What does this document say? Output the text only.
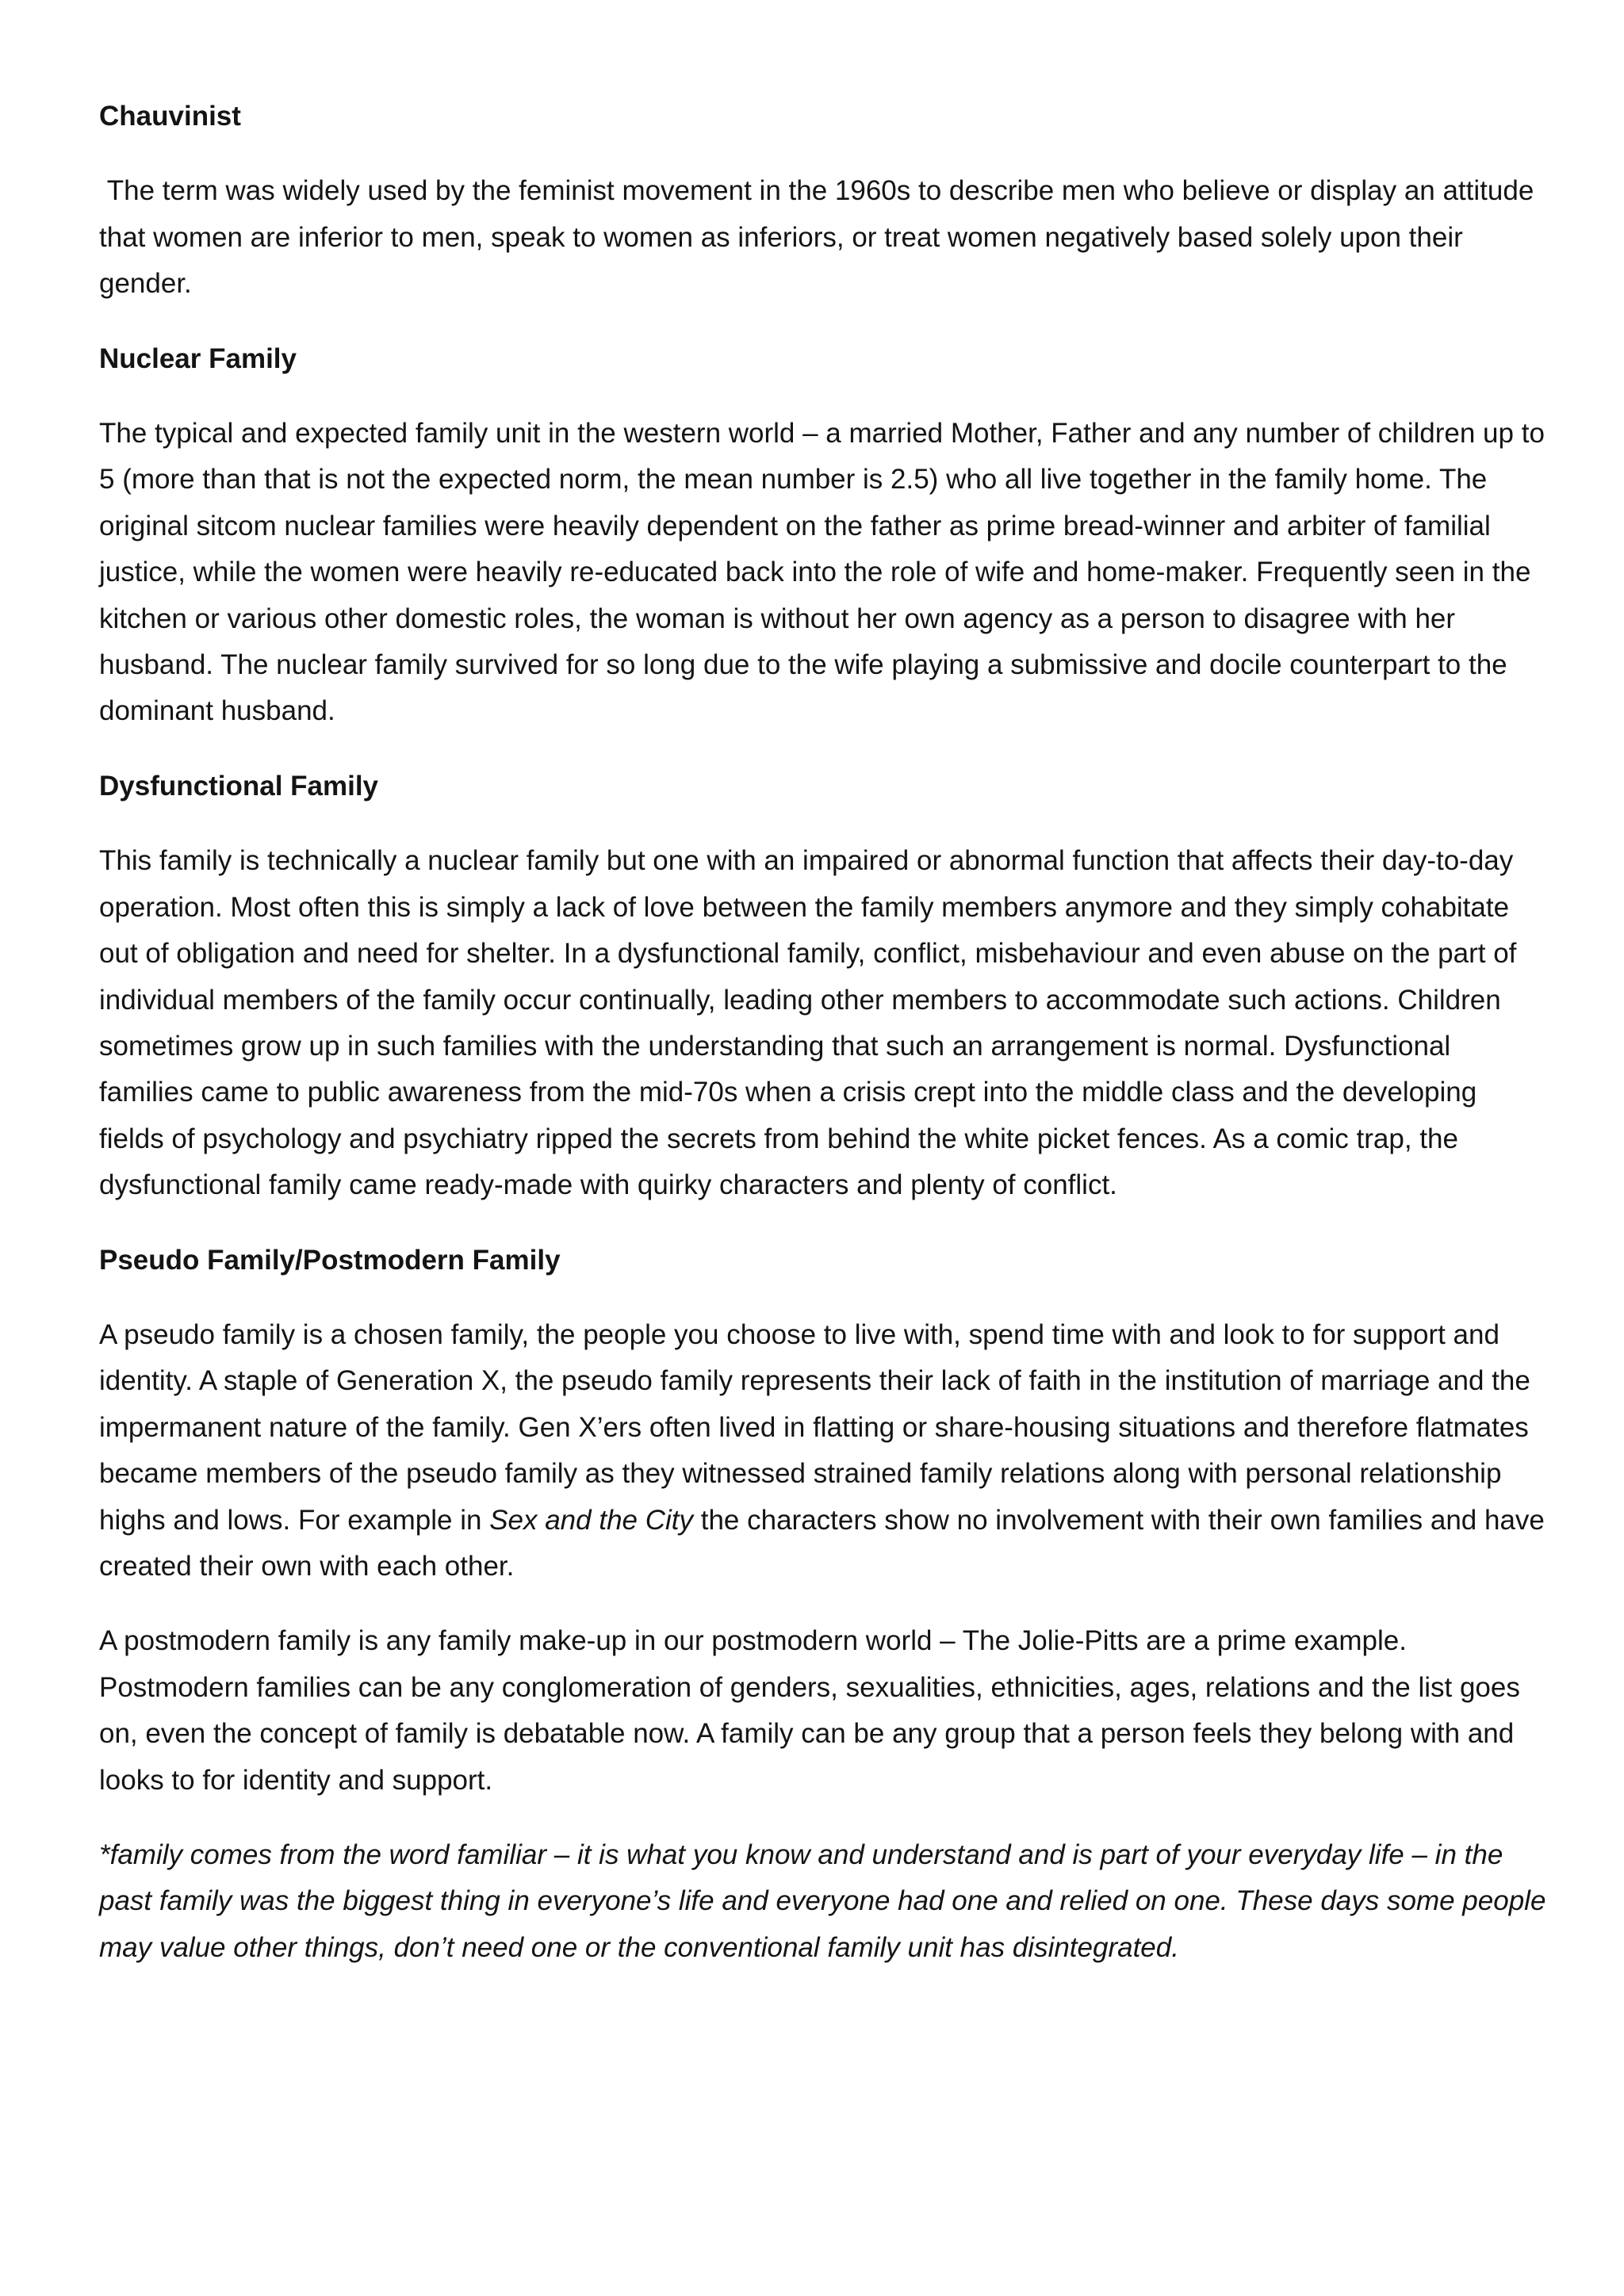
Chauvinist
The term was widely used by the feminist movement in the 1960s to describe men who believe or display an attitude that women are inferior to men, speak to women as inferiors, or treat women negatively based solely upon their gender.
Nuclear Family
The typical and expected family unit in the western world – a married Mother, Father and any number of children up to 5 (more than that is not the expected norm, the mean number is 2.5) who all live together in the family home. The original sitcom nuclear families were heavily dependent on the father as prime bread-winner and arbiter of familial justice, while the women were heavily re-educated back into the role of wife and home-maker. Frequently seen in the kitchen or various other domestic roles, the woman is without her own agency as a person to disagree with her husband. The nuclear family survived for so long due to the wife playing a submissive and docile counterpart to the dominant husband.
Dysfunctional Family
This family is technically a nuclear family but one with an impaired or abnormal function that affects their day-to-day operation. Most often this is simply a lack of love between the family members anymore and they simply cohabitate out of obligation and need for shelter. In a dysfunctional family, conflict, misbehaviour and even abuse on the part of individual members of the family occur continually, leading other members to accommodate such actions. Children sometimes grow up in such families with the understanding that such an arrangement is normal. Dysfunctional families came to public awareness from the mid-70s when a crisis crept into the middle class and the developing fields of psychology and psychiatry ripped the secrets from behind the white picket fences. As a comic trap, the dysfunctional family came ready-made with quirky characters and plenty of conflict.
Pseudo Family/Postmodern Family
A pseudo family is a chosen family, the people you choose to live with, spend time with and look to for support and identity. A staple of Generation X, the pseudo family represents their lack of faith in the institution of marriage and the impermanent nature of the family. Gen X’ers often lived in flatting or share-housing situations and therefore flatmates became members of the pseudo family as they witnessed strained family relations along with personal relationship highs and lows. For example in Sex and the City the characters show no involvement with their own families and have created their own with each other.
A postmodern family is any family make-up in our postmodern world – The Jolie-Pitts are a prime example. Postmodern families can be any conglomeration of genders, sexualities, ethnicities, ages, relations and the list goes on, even the concept of family is debatable now. A family can be any group that a person feels they belong with and looks to for identity and support.
*family comes from the word familiar – it is what you know and understand and is part of your everyday life – in the past family was the biggest thing in everyone’s life and everyone had one and relied on one. These days some people may value other things, don’t need one or the conventional family unit has disintegrated.
